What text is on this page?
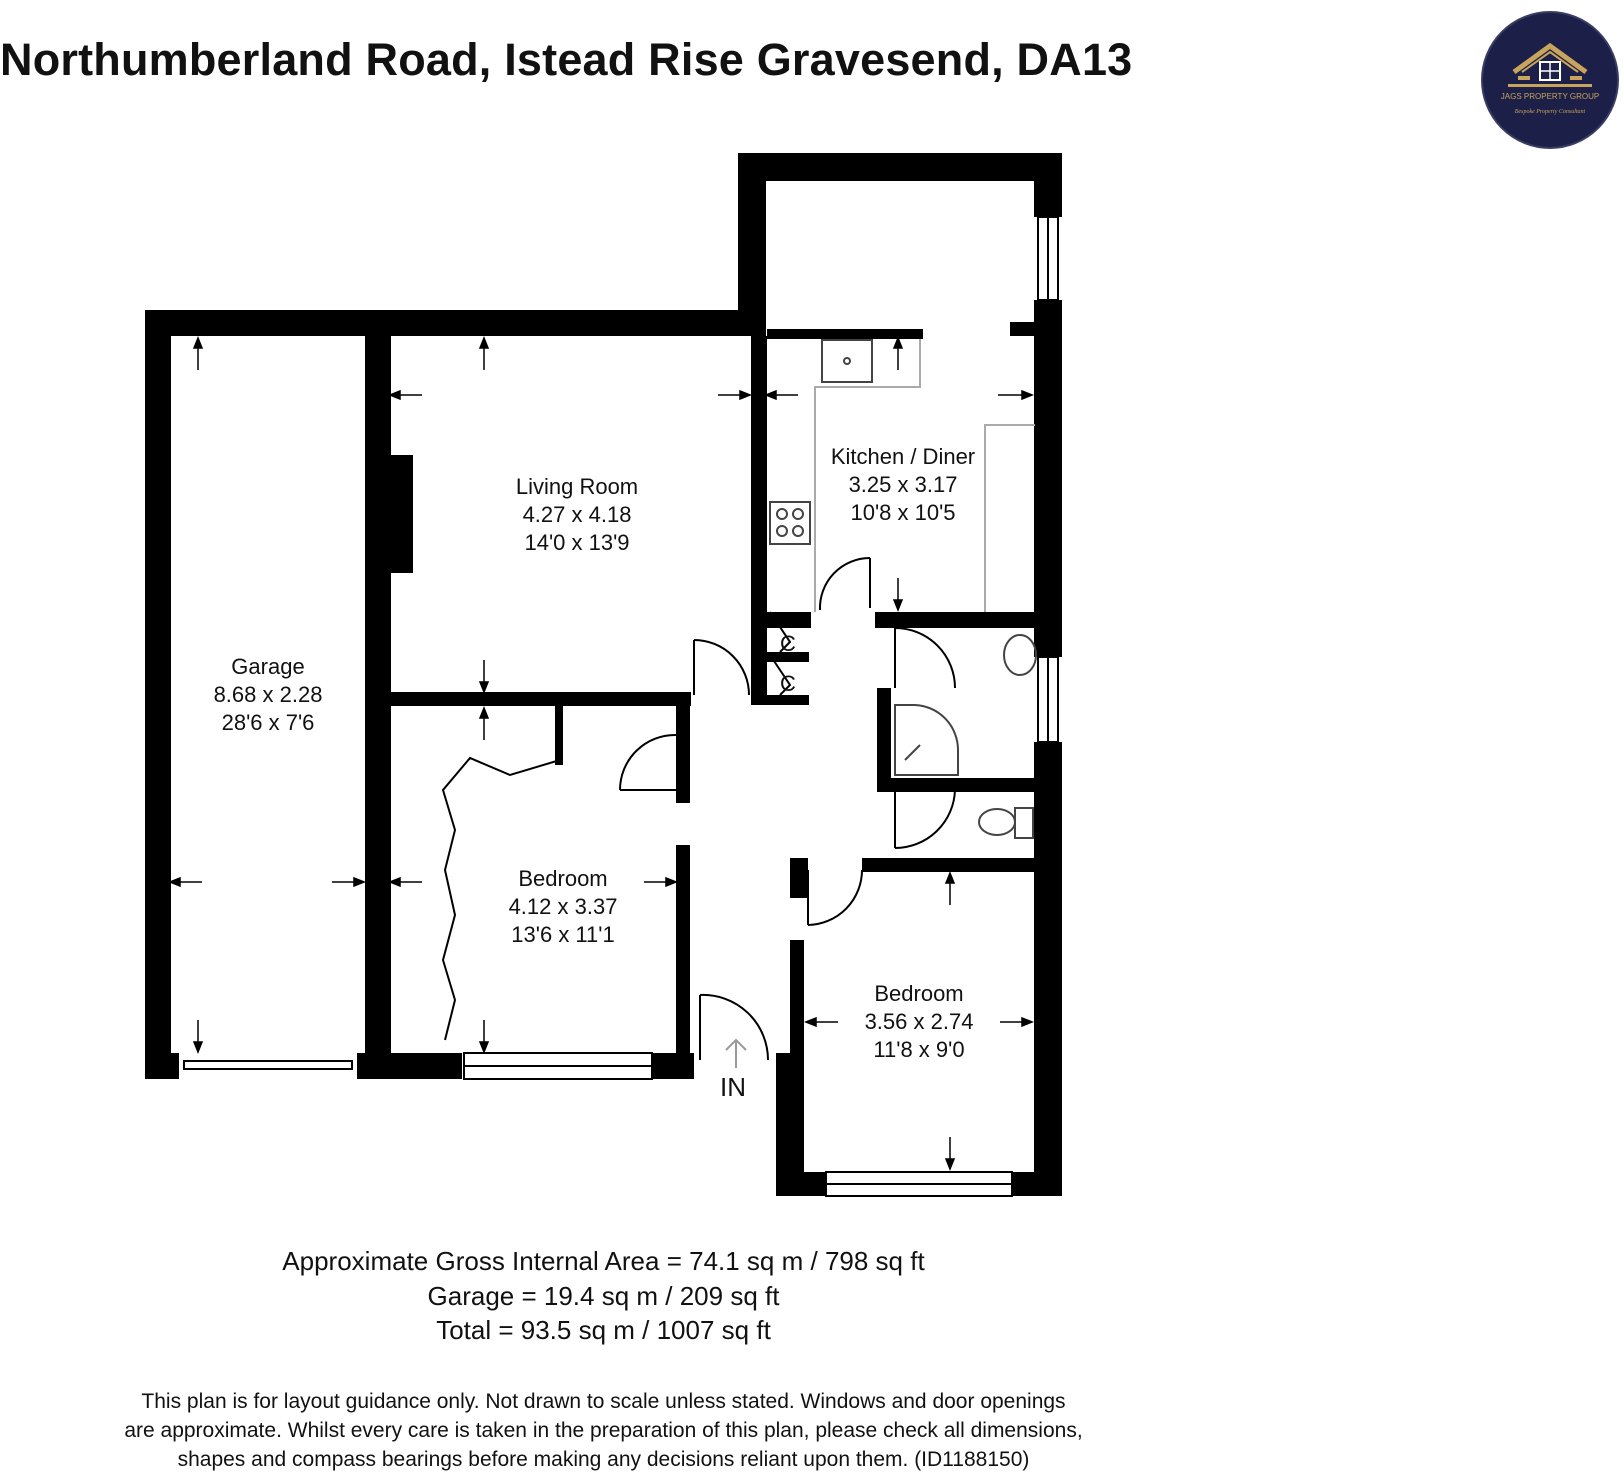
Northumberland Road, Istead Rise Gravesend, DA13
JAGS PROPERTY GROUP
Bespoke Property Consultant
Living Room
4.27 x 4.18
14'0 x 13'9
Kitchen / Diner
3.25 x 3.17
10'8 x 10'5
Garage
8.68 x 2.28
28'6 x 7'6
Bedroom
4.12 x 3.37
13'6 x 11'1
Bedroom
3.56 x 2.74
11'8 x 9'0
C
C
IN
Approximate Gross Internal Area = 74.1 sq m / 798 sq ft
Garage = 19.4 sq m / 209 sq ft
Total = 93.5 sq m / 1007 sq ft
This plan is for layout guidance only. Not drawn to scale unless stated. Windows and door openings
are approximate. Whilst every care is taken in the preparation of this plan, please check all dimensions,
shapes and compass bearings before making any decisions reliant upon them. (ID1188150)
